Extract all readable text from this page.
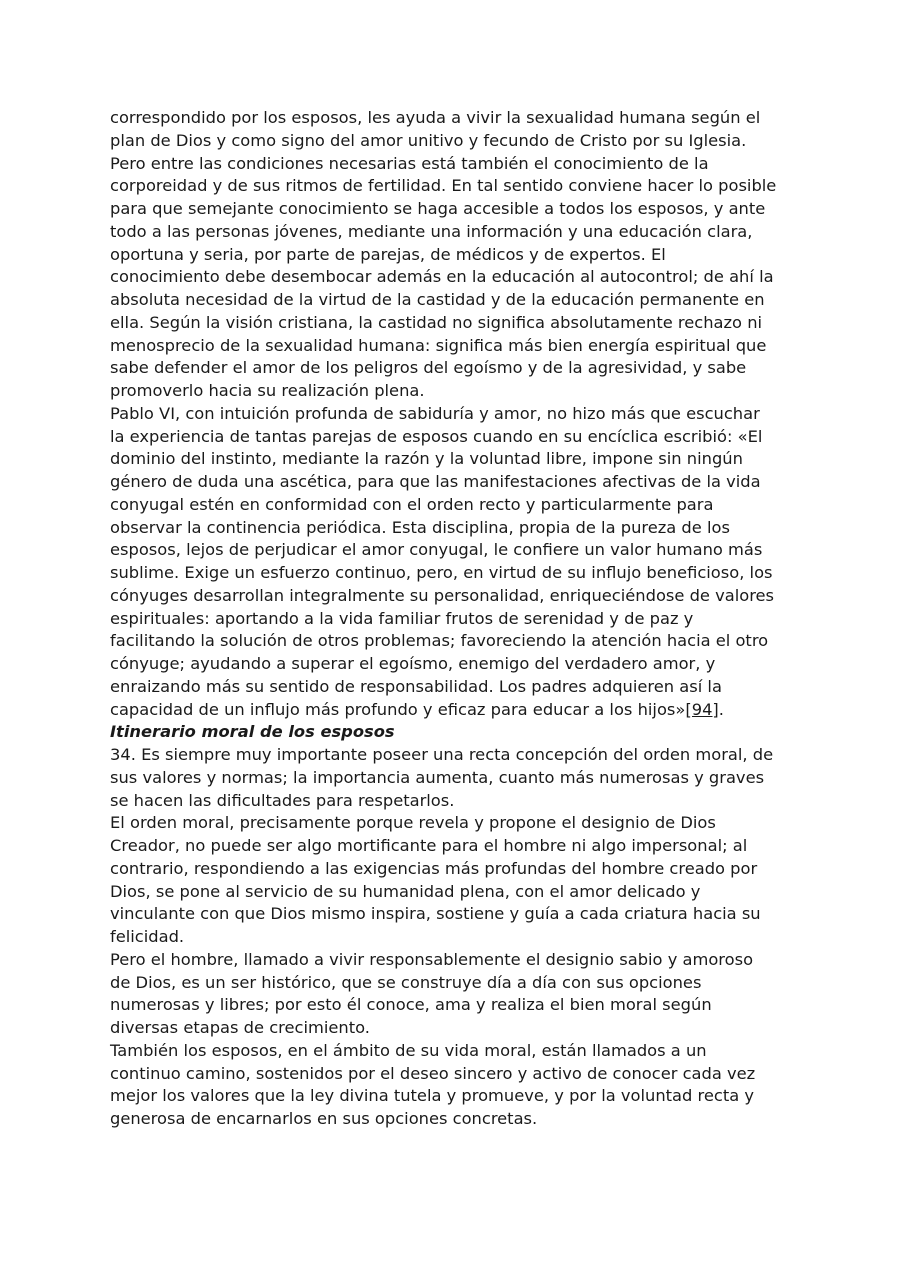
correspondido por los esposos, les ayuda a vivir la sexualidad humana según el
plan de Dios y como signo del amor unitivo y fecundo de Cristo por su Iglesia.
Pero entre las condiciones necesarias está también el conocimiento de la
corporeidad y de sus ritmos de fertilidad. En tal sentido conviene hacer lo posible
para que semejante conocimiento se haga accesible a todos los esposos, y ante
todo a las personas jóvenes, mediante una información y una educación clara,
oportuna y seria, por parte de parejas, de médicos y de expertos. El
conocimiento debe desembocar además en la educación al autocontrol; de ahí la
absoluta necesidad de la virtud de la castidad y de la educación permanente en
ella. Según la visión cristiana, la castidad no significa absolutamente rechazo ni
menosprecio de la sexualidad humana: significa más bien energía espiritual que
sabe defender el amor de los peligros del egoísmo y de la agresividad, y sabe
promoverlo hacia su realización plena.
Pablo VI, con intuición profunda de sabiduría y amor, no hizo más que escuchar
la experiencia de tantas parejas de esposos cuando en su encíclica escribió: «El
dominio del instinto, mediante la razón y la voluntad libre, impone sin ningún
género de duda una ascética, para que las manifestaciones afectivas de la vida
conyugal estén en conformidad con el orden recto y particularmente para
observar la continencia periódica. Esta disciplina, propia de la pureza de los
esposos, lejos de perjudicar el amor conyugal, le confiere un valor humano más
sublime. Exige un esfuerzo continuo, pero, en virtud de su influjo beneficioso, los
cónyuges desarrollan integralmente su personalidad, enriqueciéndose de valores
espirituales: aportando a la vida familiar frutos de serenidad y de paz y
facilitando la solución de otros problemas; favoreciendo la atención hacia el otro
cónyuge; ayudando a superar el egoísmo, enemigo del verdadero amor, y
enraizando más su sentido de responsabilidad. Los padres adquieren así la
capacidad de un influjo más profundo y eficaz para educar a los hijos»[94].
Itinerario moral de los esposos
34. Es siempre muy importante poseer una recta concepción del orden moral, de
sus valores y normas; la importancia aumenta, cuanto más numerosas y graves
se hacen las dificultades para respetarlos.
El orden moral, precisamente porque revela y propone el designio de Dios
Creador, no puede ser algo mortificante para el hombre ni algo impersonal; al
contrario, respondiendo a las exigencias más profundas del hombre creado por
Dios, se pone al servicio de su humanidad plena, con el amor delicado y
vinculante con que Dios mismo inspira, sostiene y guía a cada criatura hacia su
felicidad.
Pero el hombre, llamado a vivir responsablemente el designio sabio y amoroso
de Dios, es un ser histórico, que se construye día a día con sus opciones
numerosas y libres; por esto él conoce, ama y realiza el bien moral según
diversas etapas de crecimiento.
También los esposos, en el ámbito de su vida moral, están llamados a un
continuo camino, sostenidos por el deseo sincero y activo de conocer cada vez
mejor los valores que la ley divina tutela y promueve, y por la voluntad recta y
generosa de encarnarlos en sus opciones concretas.
